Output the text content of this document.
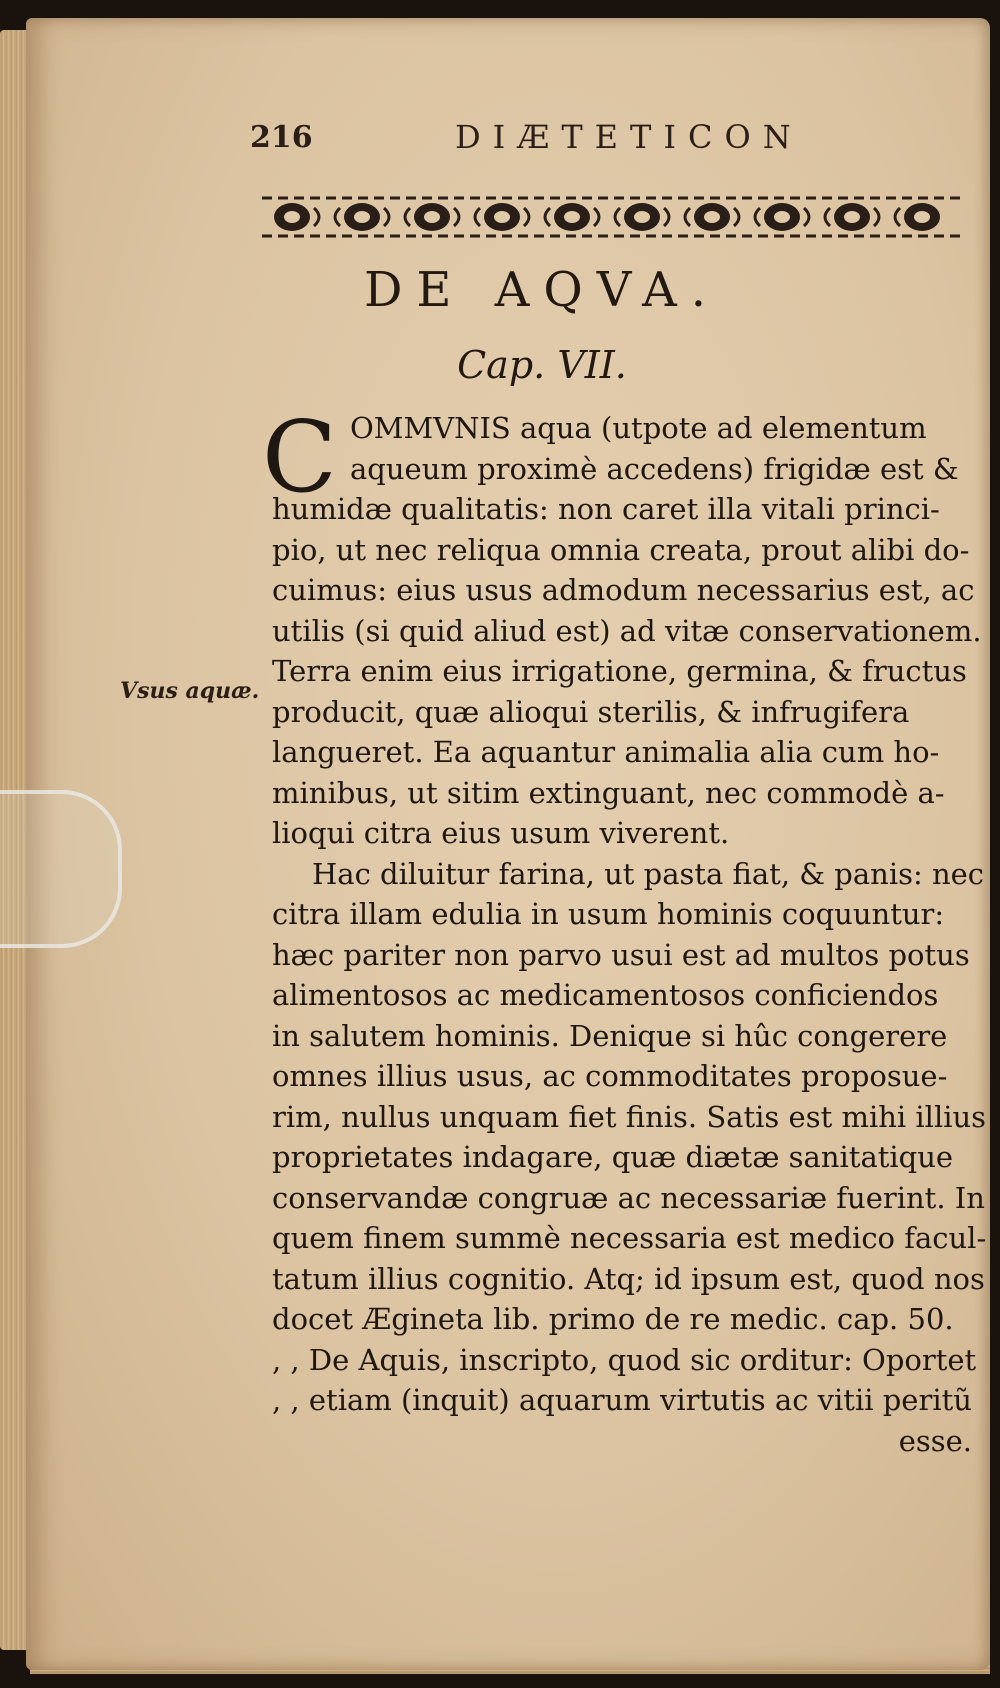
216	DIÆTETICON
DE AQVA.
Cap. VII.
Vsus aquæ.
C OMMVNIS aqua (utpote ad elementum
aqueum proximè accedens) frigidæ est &
humidæ qualitatis: non caret illa vitali princi-
pio, ut nec reliqua omnia creata, prout alibi do-
cuimus: eius usus admodum necessarius est, ac
utilis (si quid aliud est) ad vitæ conservationem.
Terra enim eius irrigatione, germina, & fructus
producit, quæ alioqui sterilis, & infrugifera
langueret. Ea aquantur animalia alia cum ho-
minibus, ut sitim extinguant, nec commodè a-
lioqui citra eius usum viverent.
Hac diluitur farina, ut pasta fiat, & panis: nec
citra illam edulia in usum hominis coquuntur:
hæc pariter non parvo usui est ad multos potus
alimentosos ac medicamentosos conficiendos
in salutem hominis. Denique si hûc congerere
omnes illius usus, ac commoditates proposue-
rim, nullus unquam fiet finis. Satis est mihi illius
proprietates indagare, quæ diætæ sanitatique
conservandæ congruæ ac necessariæ fuerint. In
quem finem summè necessaria est medico facul-
tatum illius cognitio. Atq; id ipsum est, quod nos
docet Ægineta lib. primo de re medic. cap. 50.
, , De Aquis, inscripto, quod sic orditur: Oportet
, , etiam (inquit) aquarum virtutis ac vitii peritũ
esse.
